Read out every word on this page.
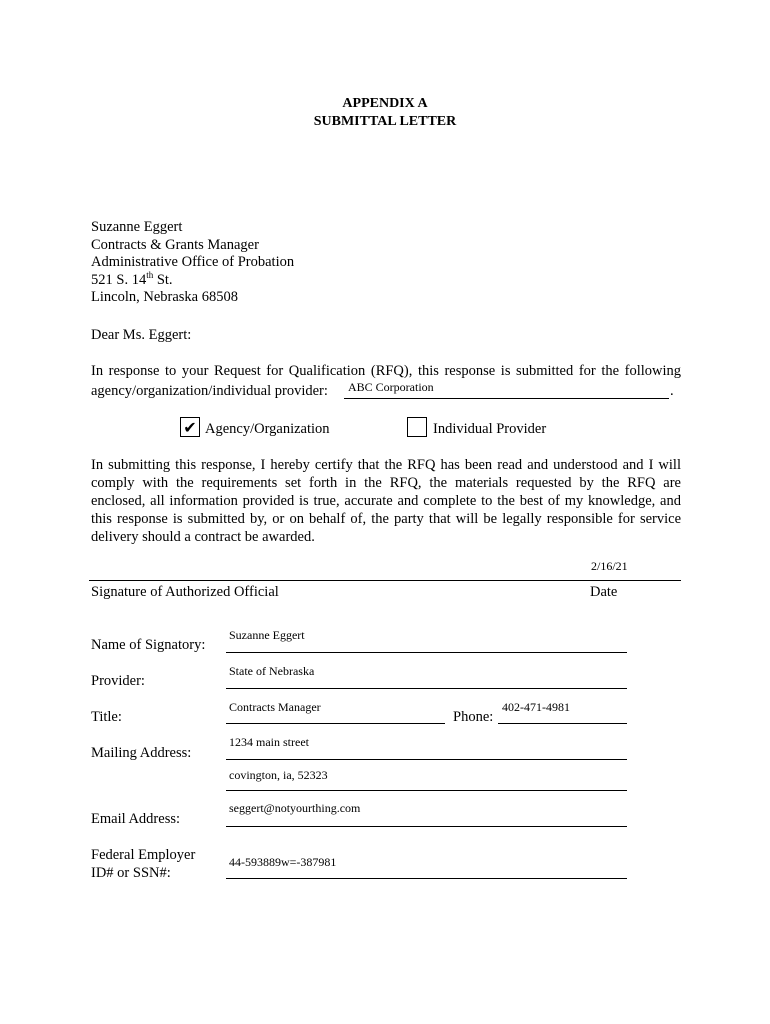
APPENDIX A
SUBMITTAL LETTER
Suzanne Eggert
Contracts & Grants Manager
Administrative Office of Probation
521 S. 14th St.
Lincoln, Nebraska 68508
Dear Ms. Eggert:
In response to your Request for Qualification (RFQ), this response is submitted for the following
agency/organization/individual provider: ABC Corporation	.
✔ Agency/Organization	Individual Provider
In submitting this response, I hereby certify that the RFQ has been read and understood and I will
comply with the requirements set forth in the RFQ, the materials requested by the RFQ are
enclosed, all information provided is true, accurate and complete to the best of my knowledge, and
this response is submitted by, or on behalf of, the party that will be legally responsible for service
delivery should a contract be awarded.
2/16/21
Signature of Authorized Official	Date
Name of Signatory:
Suzanne Eggert
Provider:
State of Nebraska
Title:
Contracts Manager
Phone:
402-471-4981
Mailing Address:
1234 main street
covington, ia, 52323
Email Address:
seggert@notyourthing.com
Federal Employer
ID# or SSN#:
44-593889w=-387981
